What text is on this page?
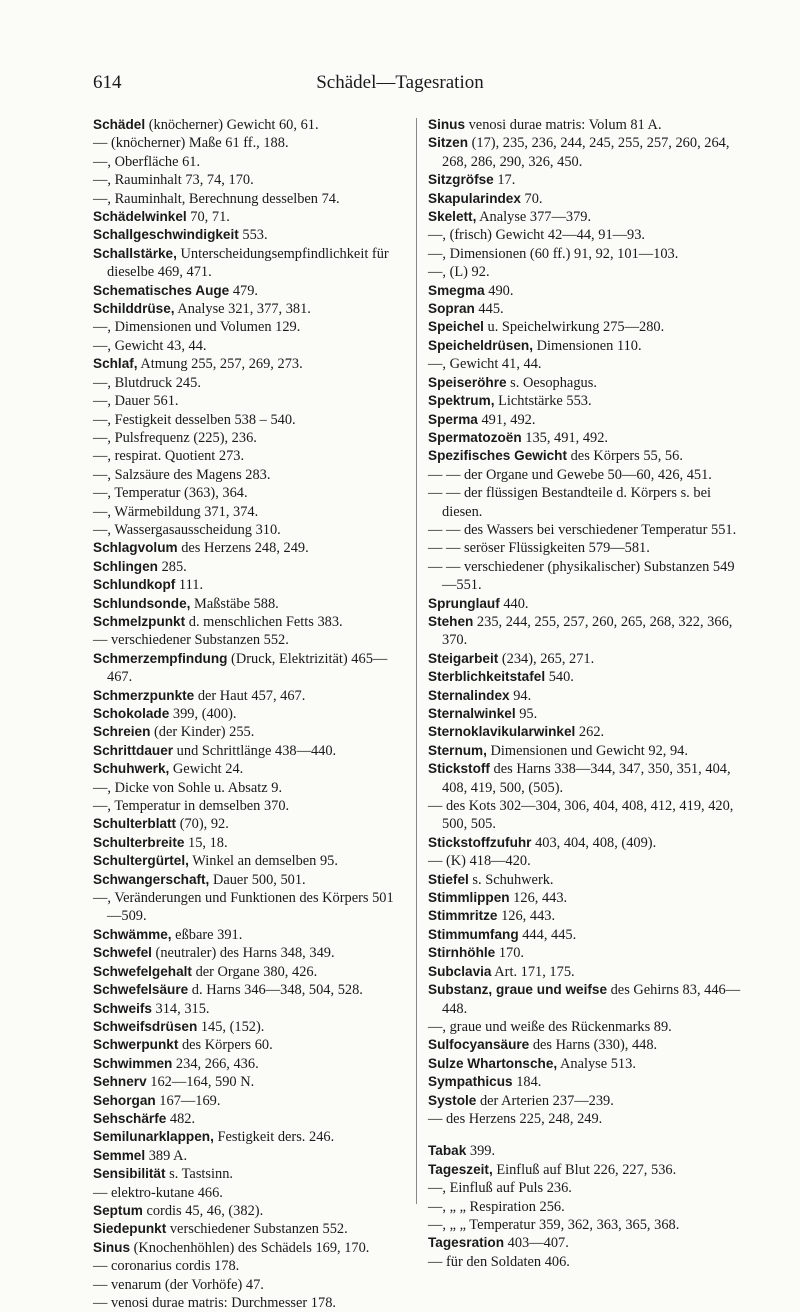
614	Schädel—Tagesration
Schädel (knöcherner) Gewicht 60, 61.
— (knöcherner) Maße 61 ff., 188.
—, Oberfläche 61.
—, Rauminhalt 73, 74, 170.
—, Rauminhalt, Berechnung desselben 74.
Schädelwinkel 70, 71.
Schallgeschwindigkeit 553.
Schallstärke, Unterscheidungsempfindlichkeit für dieselbe 469, 471.
Schematisches Auge 479.
Schilddrüse, Analyse 321, 377, 381.
—, Dimensionen und Volumen 129.
—, Gewicht 43, 44.
Schlaf, Atmung 255, 257, 269, 273.
—, Blutdruck 245.
—, Dauer 561.
—, Festigkeit desselben 538 – 540.
—, Pulsfrequenz (225), 236.
—, respirat. Quotient 273.
—, Salzsäure des Magens 283.
—, Temperatur (363), 364.
—, Wärmebildung 371, 374.
—, Wassergasausscheidung 310.
Schlagvolum des Herzens 248, 249.
Schlingen 285.
Schlundkopf 111.
Schlundsonde, Maßstäbe 588.
Schmelzpunkt d. menschlichen Fetts 383.
— verschiedener Substanzen 552.
Schmerzempfindung (Druck, Elektrizität) 465—467.
Schmerzpunkte der Haut 457, 467.
Schokolade 399, (400).
Schreien (der Kinder) 255.
Schrittdauer und Schrittlänge 438—440.
Schuhwerk, Gewicht 24.
—, Dicke von Sohle u. Absatz 9.
—, Temperatur in demselben 370.
Schulterblatt (70), 92.
Schulterbreite 15, 18.
Schultergürtel, Winkel an demselben 95.
Schwangerschaft, Dauer 500, 501.
—, Veränderungen und Funktionen des Körpers 501—509.
Schwämme, eßbare 391.
Schwefel (neutraler) des Harns 348, 349.
Schwefelgehalt der Organe 380, 426.
Schwefelsäure d. Harns 346—348, 504, 528.
Schweifs 314, 315.
Schweifsdrüsen 145, (152).
Schwerpunkt des Körpers 60.
Schwimmen 234, 266, 436.
Sehnerv 162—164, 590 N.
Sehorgan 167—169.
Sehschärfe 482.
Semilunarklappen, Festigkeit ders. 246.
Semmel 389 A.
Sensibilität s. Tastsinn.
— elektro-kutane 466.
Septum cordis 45, 46, (382).
Siedepunkt verschiedener Substanzen 552.
Sinus (Knochenhöhlen) des Schädels 169, 170.
— coronarius cordis 178.
— venarum (der Vorhöfe) 47.
— venosi durae matris: Durchmesser 178.
Sinus venosi durae matris: Volum 81 A.
Sitzen (17), 235, 236, 244, 245, 255, 257, 260, 264, 268, 286, 290, 326, 450.
Sitzgröfse 17.
Skapularindex 70.
Skelett, Analyse 377—379.
—, (frisch) Gewicht 42—44, 91—93.
—, Dimensionen (60 ff.) 91, 92, 101—103.
—, (L) 92.
Smegma 490.
Sopran 445.
Speichel u. Speichelwirkung 275—280.
Speicheldrüsen, Dimensionen 110.
—, Gewicht 41, 44.
Speiseröhre s. Oesophagus.
Spektrum, Lichtstärke 553.
Sperma 491, 492.
Spermatozoën 135, 491, 492.
Spezifisches Gewicht des Körpers 55, 56.
— — der Organe und Gewebe 50—60, 426, 451.
— — der flüssigen Bestandteile d. Körpers s. bei diesen.
— — des Wassers bei verschiedener Temperatur 551.
— — seröser Flüssigkeiten 579—581.
— — verschiedener (physikalischer) Substanzen 549—551.
Sprunglauf 440.
Stehen 235, 244, 255, 257, 260, 265, 268, 322, 366, 370.
Steigarbeit (234), 265, 271.
Sterblichkeitstafel 540.
Sternalindex 94.
Sternalwinkel 95.
Sternoklavikularwinkel 262.
Sternum, Dimensionen und Gewicht 92, 94.
Stickstoff des Harns 338—344, 347, 350, 351, 404, 408, 419, 500, (505).
— des Kots 302—304, 306, 404, 408, 412, 419, 420, 500, 505.
Stickstoffzufuhr 403, 404, 408, (409).
— (K) 418—420.
Stiefel s. Schuhwerk.
Stimmlippen 126, 443.
Stimmritze 126, 443.
Stimmumfang 444, 445.
Stirnhöhle 170.
Subclavia Art. 171, 175.
Substanz, graue und weifse des Gehirns 83, 446—448.
—, graue und weiße des Rückenmarks 89.
Sulfocyansäure des Harns (330), 448.
Sulze Whartonsche, Analyse 513.
Sympathicus 184.
Systole der Arterien 237—239.
— des Herzens 225, 248, 249.
Tabak 399.
Tageszeit, Einfluß auf Blut 226, 227, 536.
—, Einfluß auf Puls 236.
—, „ „ Respiration 256.
—, „ „ Temperatur 359, 362, 363, 365, 368.
Tagesration 403—407.
— für den Soldaten 406.
